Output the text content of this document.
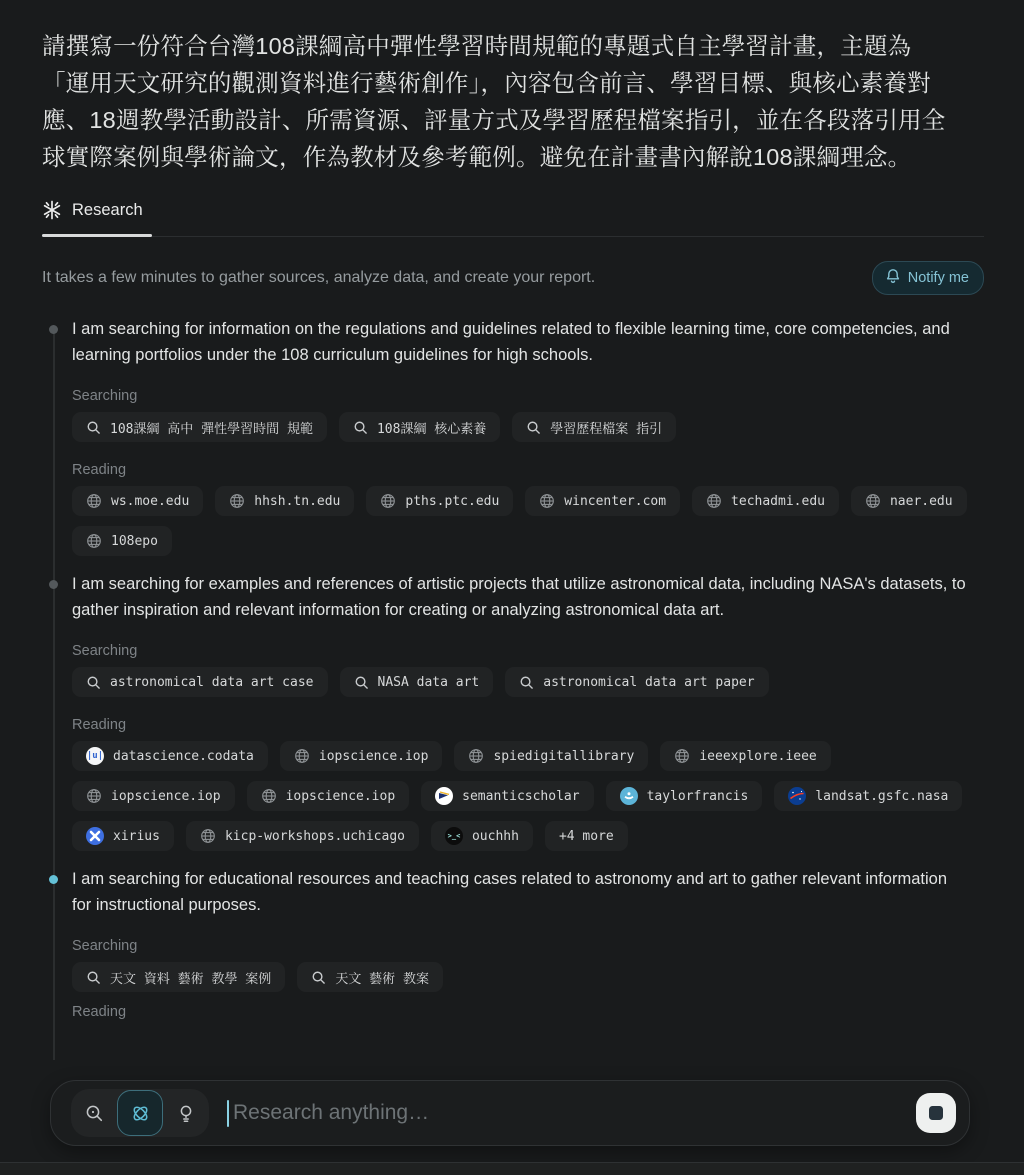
請撰寫一份符合台灣108課綱高中彈性學習時間規範的專題式自主學習計畫，主題為「運用天文研究的觀測資料進行藝術創作」，內容包含前言、學習目標、與核心素養對應、18週教學活動設計、所需資源、評量方式及學習歷程檔案指引，並在各段落引用全球實際案例與學術論文，作為教材及參考範例。避免在計畫書內解說108課綱理念。
Research
It takes a few minutes to gather sources, analyze data, and create your report.	Notify me
I am searching for information on the regulations and guidelines related to flexible learning time, core competencies, and learning portfolios under the 108 curriculum guidelines for high schools.
Searching
108課綱 高中 彈性學習時間 規範	108課綱 核心素養	學習歷程檔案 指引
Reading
ws.moe.edu	hhsh.tn.edu	pths.ptc.edu	wincenter.com	techadmi.edu	naer.edu
108epo
I am searching for examples and references of artistic projects that utilize astronomical data, including NASA's datasets, to gather inspiration and relevant information for creating or analyzing astronomical data art.
Searching
astronomical data art case	NASA data art	astronomical data art paper
Reading
|u| datascience.codata	iopscience.iop	spiedigitallibrary	ieeexplore.ieee
iopscience.iop	iopscience.iop	semanticscholar	taylorfrancis	landsat.gsfc.nasa
xirius	kicp-workshops.uchicago	>_< ouchhh	+4 more
I am searching for educational resources and teaching cases related to astronomy and art to gather relevant information for instructional purposes.
Searching
天文 資料 藝術 教學 案例	天文 藝術 教案
Reading
Research anything…
